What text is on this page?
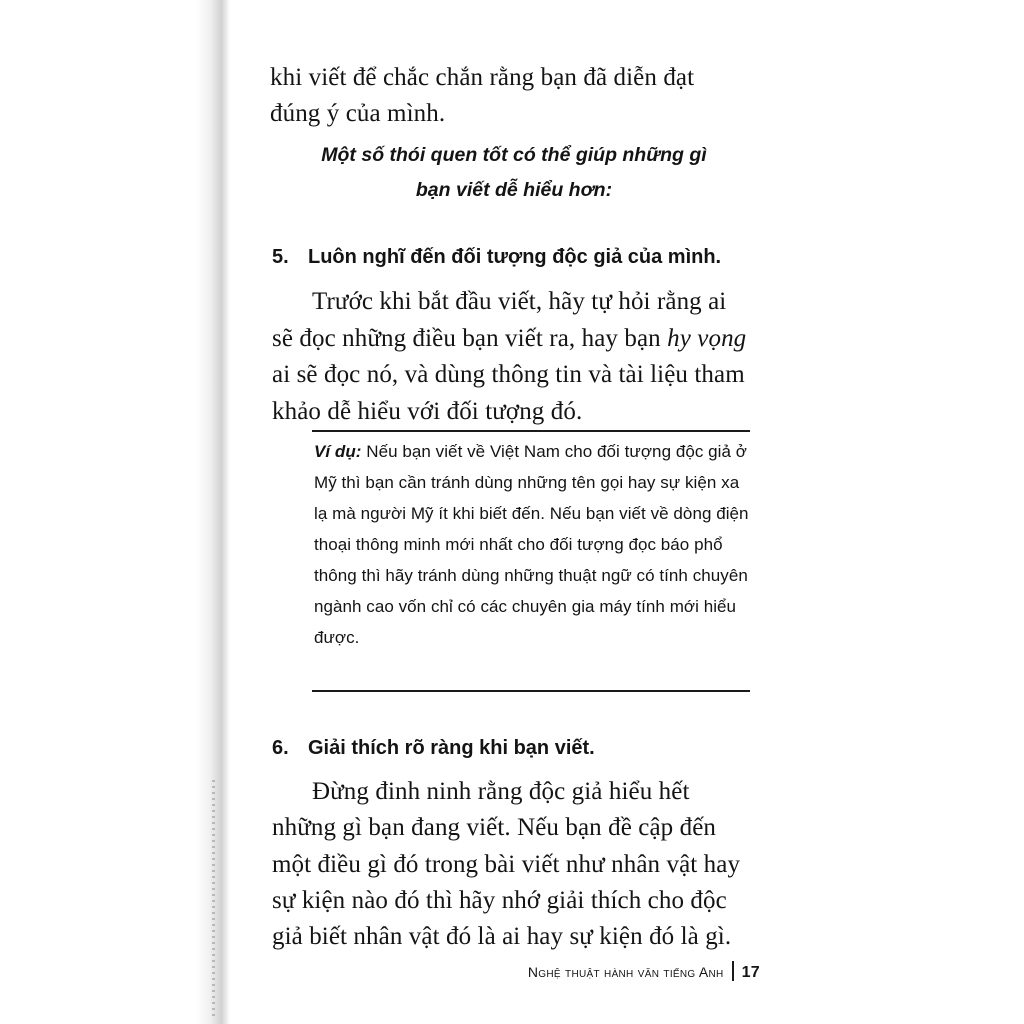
khi viết để chắc chắn rằng bạn đã diễn đạt đúng ý của mình.

Một số thói quen tốt có thể giúp những gì
bạn viết dễ hiểu hơn:
5. Luôn nghĩ đến đối tượng độc giả của mình.

Trước khi bắt đầu viết, hãy tự hỏi rằng ai sẽ đọc những điều bạn viết ra, hay bạn hy vọng ai sẽ đọc nó, và dùng thông tin và tài liệu tham khảo dễ hiểu với đối tượng đó.

Ví dụ: Nếu bạn viết về Việt Nam cho đối tượng độc giả ở Mỹ thì bạn cần tránh dùng những tên gọi hay sự kiện xa lạ mà người Mỹ ít khi biết đến. Nếu bạn viết về dòng điện thoại thông minh mới nhất cho đối tượng đọc báo phổ thông thì hãy tránh dùng những thuật ngữ có tính chuyên ngành cao vốn chỉ có các chuyên gia máy tính mới hiểu được.

6. Giải thích rõ ràng khi bạn viết.

Đừng đinh ninh rằng độc giả hiểu hết những gì bạn đang viết. Nếu bạn đề cập đến một điều gì đó trong bài viết như nhân vật hay sự kiện nào đó thì hãy nhớ giải thích cho độc giả biết nhân vật đó là ai hay sự kiện đó là gì.

Nghệ thuật hành văn tiếng Anh 17
